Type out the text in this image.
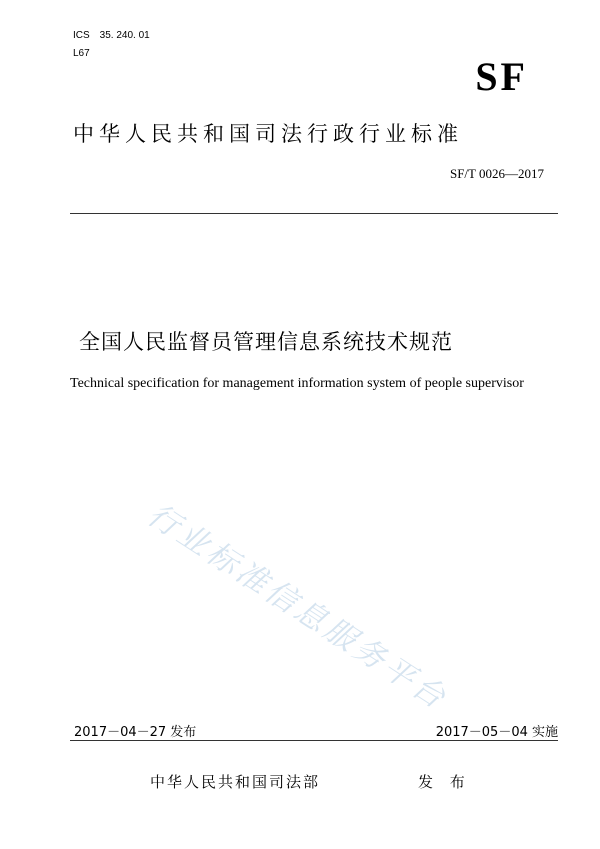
ICS 35. 240. 01
L67
SF
中华人民共和国司法行政行业标准
SF/T 0026—2017
全国人民监督员管理信息系统技术规范
Technical specification for management information system of people supervisor
行业标准信息服务平台
2017－04－27 发布	2017－05－04 实施
中华人民共和国司法部	发 布
